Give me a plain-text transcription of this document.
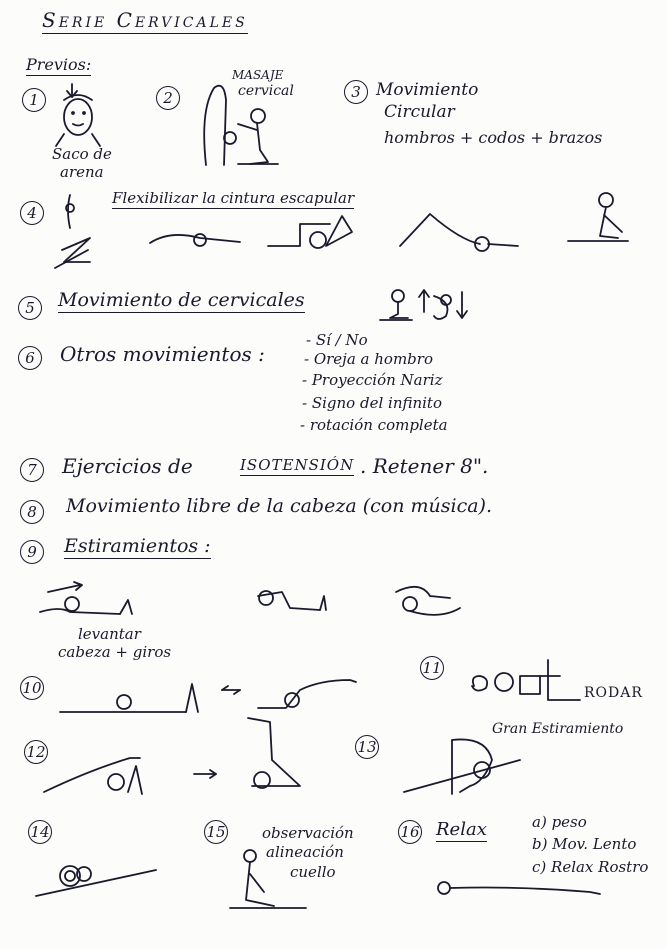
Serie Cervicales
Previos:
1
Saco de
arena
2
MASAJE
cervical	3 Movimiento
Circular
hombros + codos + brazos
4
Flexibilizar la cintura escapular
5	Movimiento de cervicales
6	Otros movimientos :
- Sí / No
- Oreja a hombro
- Proyección Nariz
- Signo del infinito
- rotación completa
7	Ejercicios de	ISOTENSIÓN . Retener 8".
8	Movimiento libre de la cabeza (con música).
9	Estiramientos :
levantar
cabeza + giros
10
11
RODAR
12	13
Gran Estiramiento
14	15 observación
alineación
cuello
16 Relax	a) peso
b) Mov. Lento
c) Relax Rostro
